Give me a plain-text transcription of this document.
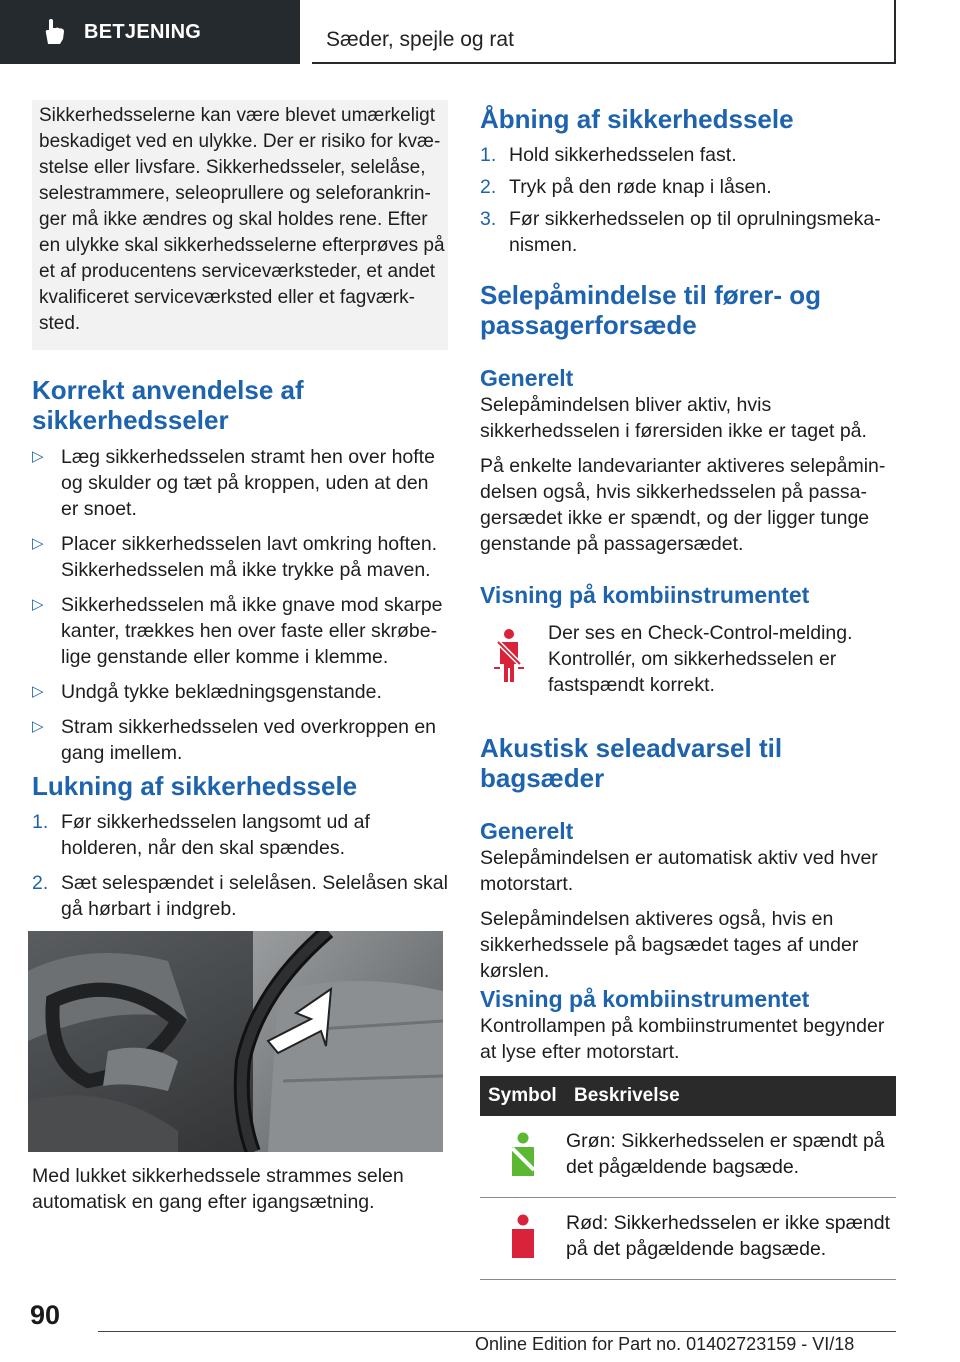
BETJENING	Sæder, spejle og rat

Sikkerhedsselerne kan være blevet umærkeligt beskadiget ved en ulykke. Der er risiko for kvæstelse eller livsfare. Sikkerhedsseler, selelåse, selestrammere, seleoprullere og seleforankringer må ikke ændres og skal holdes rene. Efter en ulykke skal sikkerhedsselerne efterprøves på et af producentens serviceværksteder, et andet kvalificeret serviceværksted eller et fagværksted.

Korrekt anvendelse af sikkerhedsseler
▷ Læg sikkerhedsselen stramt hen over hofte og skulder og tæt på kroppen, uden at den er snoet.
▷ Placer sikkerhedsselen lavt omkring hoften. Sikkerhedsselen må ikke trykke på maven.
▷ Sikkerhedsselen må ikke gnave mod skarpe kanter, trækkes hen over faste eller skrøbelige genstande eller komme i klemme.
▷ Undgå tykke beklædningsgenstande.
▷ Stram sikkerhedsselen ved overkroppen en gang imellem.
Lukning af sikkerhedssele
1. Før sikkerhedsselen langsomt ud af holderen, når den skal spændes.
2. Sæt selespændet i selelåsen. Selelåsen skal gå hørbart i indgreb.

Med lukket sikkerhedssele strammes selen automatisk en gang efter igangsætning.

Åbning af sikkerhedssele
1. Hold sikkerhedsselen fast.
2. Tryk på den røde knap i låsen.
3. Før sikkerhedsselen op til oprulningsmekanismen.
Selepåmindelse til fører- og passagerforsæde
Generelt

Selepåmindelsen bliver aktiv, hvis sikkerhedsselen i førersiden ikke er taget på.

På enkelte landevarianter aktiveres selepåmindelsen også, hvis sikkerhedsselen på passagersædet ikke er spændt, og der ligger tunge genstande på passagersædet.

Visning på kombiinstrumentet

Der ses en Check-Control-melding. Kontrollér, om sikkerhedsselen er fastspændt korrekt.

Akustisk seleadvarsel til bagsæder
Generelt

Selepåmindelsen er automatisk aktiv ved hver motorstart.

Selepåmindelsen aktiveres også, hvis en sikkerhedssele på bagsædet tages af under kørslen.

Visning på kombiinstrumentet

Kontrollampen på kombiinstrumentet begynder at lyse efter motorstart.

Symbol	Beskrivelse
	Grøn: Sikkerhedsselen er spændt på det pågældende bagsæde.
	Rød: Sikkerhedsselen er ikke spændt på det pågældende bagsæde.
90
Online Edition for Part no. 01402723159 - VI/18
